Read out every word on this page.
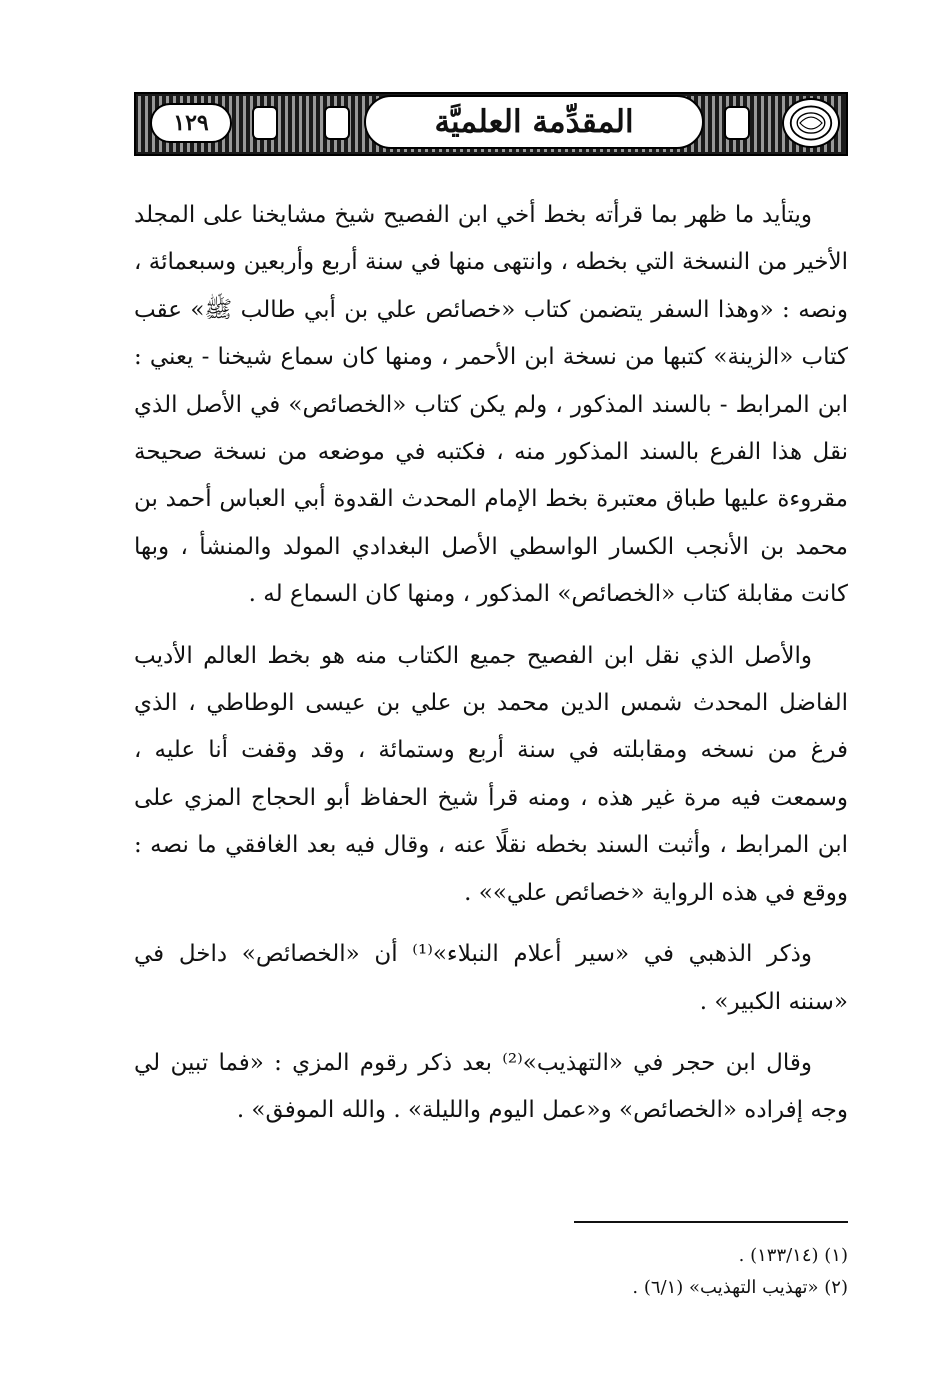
المقدِّمة العلميَّة
١٢٩

ويتأيد ما ظهر بما قرأته بخط أخي ابن الفصيح شيخ مشايخنا على المجلد الأخير من النسخة التي بخطه ، وانتهى منها في سنة أربع وأربعين وسبعمائة ، ونصه : «وهذا السفر يتضمن كتاب «خصائص علي بن أبي طالب ﷺ» عقب كتاب «الزينة» كتبها من نسخة ابن الأحمر ، ومنها كان سماع شيخنا - يعني : ابن المرابط - بالسند المذكور ، ولم يكن كتاب «الخصائص» في الأصل الذي نقل هذا الفرع بالسند المذكور منه ، فكتبه في موضعه من نسخة صحيحة مقروءة عليها طباق معتبرة بخط الإمام المحدث القدوة أبي العباس أحمد بن محمد بن الأنجب الكسار الواسطي الأصل البغدادي المولد والمنشأ ، وبها كانت مقابلة كتاب «الخصائص» المذكور ، ومنها كان السماع له .

والأصل الذي نقل ابن الفصيح جميع الكتاب منه هو بخط العالم الأديب الفاضل المحدث شمس الدين محمد بن علي بن عيسى الوطاطي ، الذي فرغ من نسخه ومقابلته في سنة أربع وستمائة ، وقد وقفت أنا عليه ، وسمعت فيه مرة غير هذه ، ومنه قرأ شيخ الحفاظ أبو الحجاج المزي على ابن المرابط ، وأثبت السند بخطه نقلًا عنه ، وقال فيه بعد الغافقي ما نصه : ووقع في هذه الرواية «خصائص علي»» .

وذكر الذهبي في «سير أعلام النبلاء»⁽¹⁾ أن «الخصائص» داخل في «سننه الكبير» .

وقال ابن حجر في «التهذيب»⁽²⁾ بعد ذكر رقوم المزي : «فما تبين لي وجه إفراده «الخصائص» و«عمل اليوم والليلة» . والله الموفق» .

(١) (١٣٣/١٤) .
(٢) «تهذيب التهذيب» (٦/١) .
